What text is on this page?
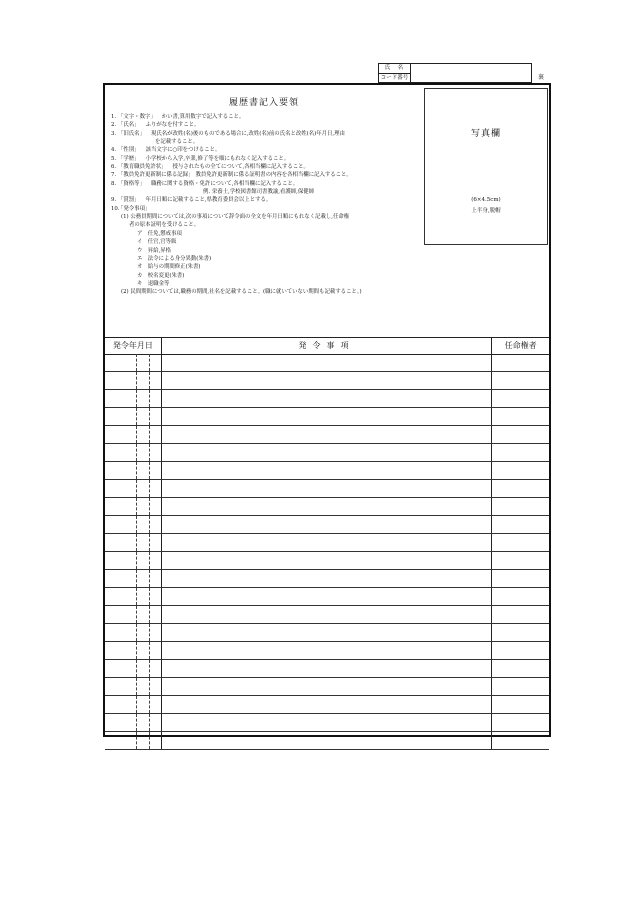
氏　名
コード番号	裏
履歴書記入要領
写真欄
(6×4.5cm)
上半身,脱帽
1. 「文字・数字」 かい書,算用数字で記入すること。
2. 「氏名」 ふりがなを付すこと。
3. 「旧氏名」 現氏名が改姓(名)後のものである場合に,改姓(名)前の氏名と改姓(名)年月日,理由
を記載すること。
4. 「性別」 該当文字に○印をつけること。
5. 「学歴」 小学校から入学,卒業,修了等を順にもれなく記入すること。
6. 「教育職員免許状」 授与されたもの全てについて,各相当欄に記入すること。
7. 「教員免許更新制に係る記録」 教員免許更新制に係る証明書の内容を各相当欄に記入すること。
8. 「資格等」 職務に関する資格・免許について,各相当欄に記入すること。
例. 栄養士,学校図書館司書教諭,看護師,保健師
9. 「賞罰」 年月日順に記載すること,県教育委員会以上とする。
10.「発令事項」
(1) 公務員期間については,次の事項について辞令面の全文を年月日順にもれなく記載し,任命権
者の原本証明を受けること。
ア　任免,懲戒事項
イ　任官,官等級
ウ　昇給,昇格
エ　法令による身分異動(朱書)
オ　給与の期間修正(朱書)
カ　校名変更(朱書)
キ　退職金等
(2) 民間期間については,職務の期間,社名を記載すること。(職に就いていない期間も記載すること。)
発令年月日	発令事項	任命権者
